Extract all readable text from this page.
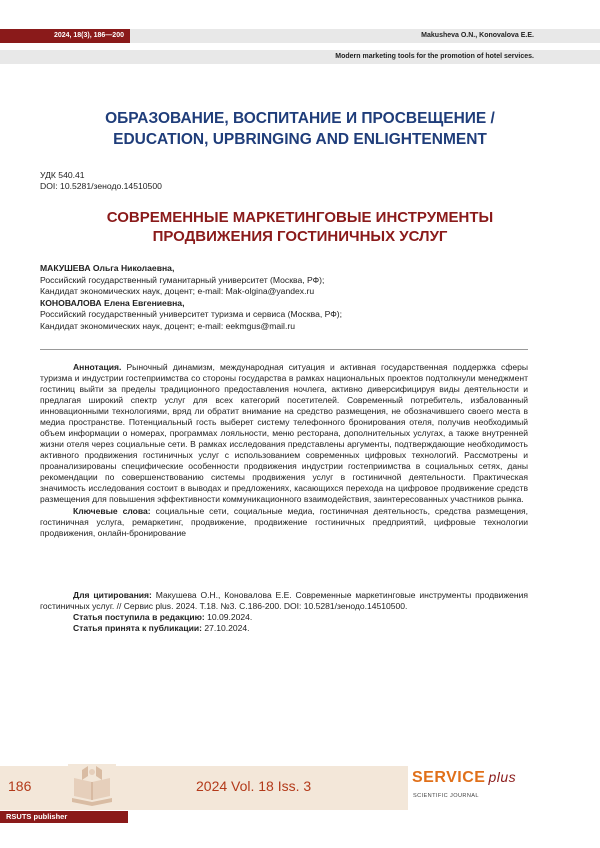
2024, 18(3), 186—200	Makusheva O.N., Konovalova E.E.
Modern marketing tools for the promotion of hotel services.
ОБРАЗОВАНИЕ, ВОСПИТАНИЕ И ПРОСВЕЩЕНИЕ /
EDUCATION, UPBRINGING AND ENLIGHTENMENT
УДК 540.41
DOI: 10.5281/зенодо.14510500
СОВРЕМЕННЫЕ МАРКЕТИНГОВЫЕ ИНСТРУМЕНТЫ
ПРОДВИЖЕНИЯ ГОСТИНИЧНЫХ УСЛУГ
МАКУШЕВА Ольга Николаевна,
Российский государственный гуманитарный университет (Москва, РФ);
Кандидат экономических наук, доцент; e-mail: Mak-olgina@yandex.ru
КОНОВАЛОВА Елена Евгениевна,
Российский государственный университет туризма и сервиса (Москва, РФ);
Кандидат экономических наук, доцент; e-mail: eekmgus@mail.ru

Аннотация. Рыночный динамизм, международная ситуация и активная государственная поддержка сферы туризма и индустрии гостеприимства со стороны государства в рамках национальных проектов подтолкнули менеджмент гостиниц выйти за пределы традиционного предоставления ночлега, активно диверсифицируя виды деятельности и предлагая широкий спектр услуг для всех категорий посетителей. Современный потребитель, избалованный инновационными технологиями, вряд ли обратит внимание на средство размещения, не обозначившего своего места в медиа пространстве. Потенциальный гость выберет систему телефонного бронирования отеля, получив необходимый объем информации о номерах, программах лояльности, меню ресторана, дополнительных услугах, а также внутренней жизни отеля через социальные сети. В рамках исследования представлены аргументы, подтверждающие необходимость активного продвижения гостиничных услуг с использованием современных цифровых технологий. Рассмотрены и проанализированы специфические особенности продвижения индустрии гостеприимства в социальных сетях, даны рекомендации по совершенствованию системы продвижения услуг в гостиничной деятельности. Практическая значимость исследования состоит в выводах и предложениях, касающихся перехода на цифровое продвижение средств размещения для повышения эффективности коммуникационного взаимодействия, заинтересованных участников рынка.

Ключевые слова: социальные сети, социальные медиа, гостиничная деятельность, средства размещения, гостиничная услуга, ремаркетинг, продвижение, продвижение гостиничных предприятий, цифровые технологии продвижения, онлайн-бронирование

Для цитирования: Макушева О.Н., Коновалова Е.Е. Современные маркетинговые инструменты продвижения гостиничных услуг. // Сервис plus. 2024. Т.18. №3. С.186-200. DOI: 10.5281/зенодо.14510500.

Статья поступила в редакцию: 10.09.2024.

Статья принята к публикации: 27.10.2024.

186	2024 Vol. 18 Iss. 3	SERVICE plus
SCIENTIFIC JOURNAL
RSUTS publisher
